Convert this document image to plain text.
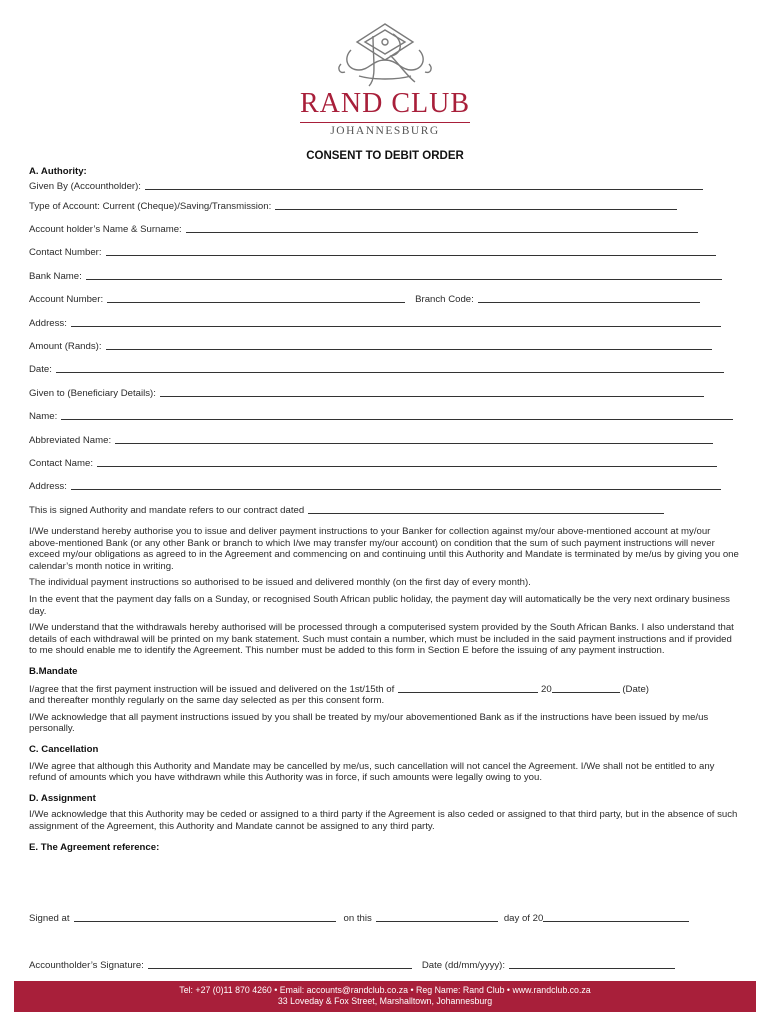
RAND CLUB
JOHANNESBURG
CONSENT TO DEBIT ORDER
A. Authority:
Given By (Accountholder):
Type of Account: Current (Cheque)/Saving/Transmission:
Account holder’s Name & Surname:
Contact Number:
Bank Name:
Account Number:	Branch Code:
Address:
Amount (Rands):
Date:
Given to (Beneficiary Details):
Name:
Abbreviated Name:
Contact Name:
Address:
This is signed Authority and mandate refers to our contract dated

I/We understand hereby authorise you to issue and deliver payment instructions to your Banker for collection against my/our above-mentioned account at my/our above-mentioned Bank (or any other Bank or branch to which I/we may transfer my/our account) on condition that the sum of such payment instructions will never exceed my/our obligations as agreed to in the Agreement and commencing on and continuing until this Authority and Mandate is terminated by me/us by giving you one calendar’s month notice in writing.

The individual payment instructions so authorised to be issued and delivered monthly (on the first day of every month).

In the event that the payment day falls on a Sunday, or recognised South African public holiday, the payment day will automatically be the very next ordinary business day.

I/We understand that the withdrawals hereby authorised will be processed through a computerised system provided by the South African Banks. I also understand that details of each withdrawal will be printed on my bank statement. Such must contain a number, which must be included in the said payment instructions and if provided to me should enable me to identify the Agreement. This number must be added to this form in Section E before the issuing of any payment instruction.

B.Mandate

I/agree that the first payment instruction will be issued and delivered on the 1st/15th of	20	(Date)
and thereafter monthly regularly on the same day selected as per this consent form.

I/We acknowledge that all payment instructions issued by you shall be treated by my/our abovementioned Bank as if the instructions have been issued by me/us personally.

C. Cancellation

I/We agree that although this Authority and Mandate may be cancelled by me/us, such cancellation will not cancel the Agreement. I/We shall not be entitled to any refund of amounts which you have withdrawn while this Authority was in force, if such amounts were legally owing to you.

D. Assignment

I/We acknowledge that this Authority may be ceded or assigned to a third party if the Agreement is also ceded or assigned to that third party, but in the absence of such assignment of the Agreement, this Authority and Mandate cannot be assigned to any third party.

E. The Agreement reference:
Signed at	on this	day of 20
Accountholder’s Signature:	Date (dd/mm/yyyy):
Tel: +27 (0)11 870 4260 • Email: accounts@randclub.co.za • Reg Name: Rand Club • www.randclub.co.za
33 Loveday & Fox Street, Marshalltown, Johannesburg
